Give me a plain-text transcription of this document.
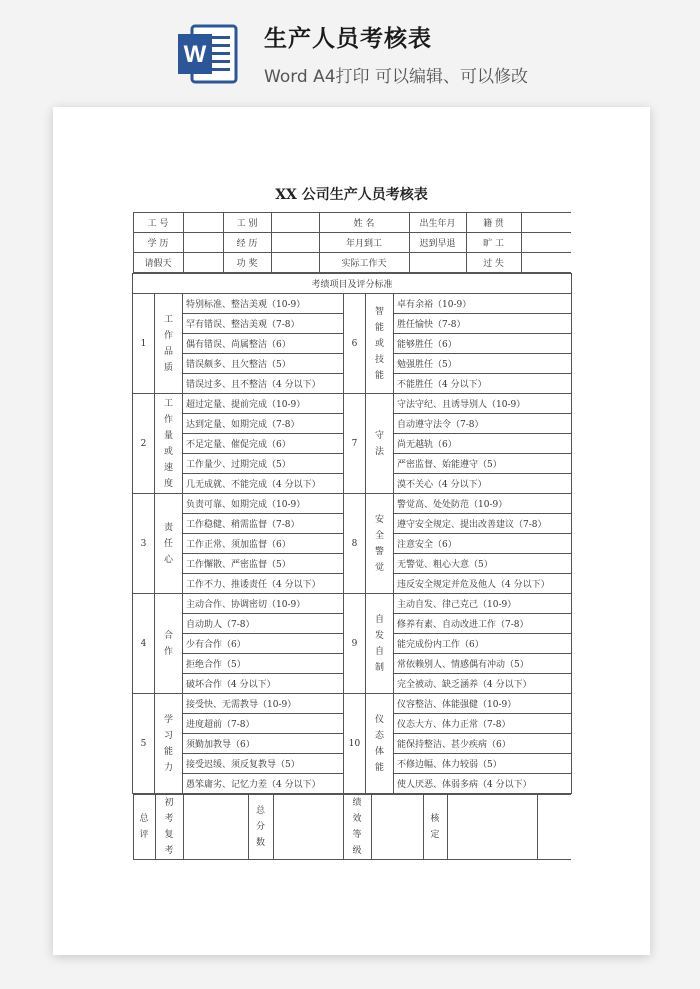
W
生产人员考核表
Word A4打印 可以编辑、可以修改
XX 公司生产人员考核表
工 号		工 别		姓 名	出生年月	籍 贯	
学 历		经 历		年月到工	迟到早退	旷 工	
请假天		功 奖		实际工作天		过 失	

考绩项目及评分标准
1	工作品质	特别标准、整洁美观（10-9）	6	智能或技能	卓有余裕（10-9）
罕有错误、整洁美观（7-8）	胜任愉快（7-8）
偶有错误、尚属整洁（6）	能够胜任（6）
错误颇多、且欠整洁（5）	勉强胜任（5）
错误过多、且不整洁（4 分以下）	不能胜任（4 分以下）
2	工作量或速度	超过定量、提前完成（10-9）	7	守法	守法守纪、且诱导别人（10-9）
达到定量、如期完成（7-8）	自动遵守法令（7-8）
不足定量、催促完成（6）	尚无越轨（6）
工作量少、过期完成（5）	严密监督、始能遵守（5）
几无成就、不能完成（4 分以下）	漠不关心（4 分以下）
3	责任心	负责可靠、如期完成（10-9）	8	安全警觉	警觉高、处处防范（10-9）
工作稳健、稍需监督（7-8）	遵守安全规定、提出改善建议（7-8）
工作正常、须加监督（6）	注意安全（6）
工作懈散、严密监督（5）	无警觉、粗心大意（5）
工作不力、推诿责任（4 分以下）	违反安全规定并危及他人（4 分以下）
4	合作	主动合作、协调密切（10-9）	9	自发自制	主动自发、律己克己（10-9）
自动助人（7-8）	修养有素、自动改进工作（7-8）
少有合作（6）	能完成份内工作（6）
拒绝合作（5）	常依赖别人、情感偶有冲动（5）
破坏合作（4 分以下）	完全被动、缺乏涵养（4 分以下）
5	学习能力	接受快、无需教导（10-9）	10	仪态体能	仪容整洁、体能强健（10-9）
进度超前（7-8）	仪态大方、体力正常（7-8）
须勤加教导（6）	能保持整洁、甚少疾病（6）
接受迟缓、须反复教导（5）	不修边幅、体力较弱（5）
愚笨庸劣、记忆力差（4 分以下）	使人厌恶、体弱多病（4 分以下）

总评	初考复考		总分数		绩效等级		核定		
